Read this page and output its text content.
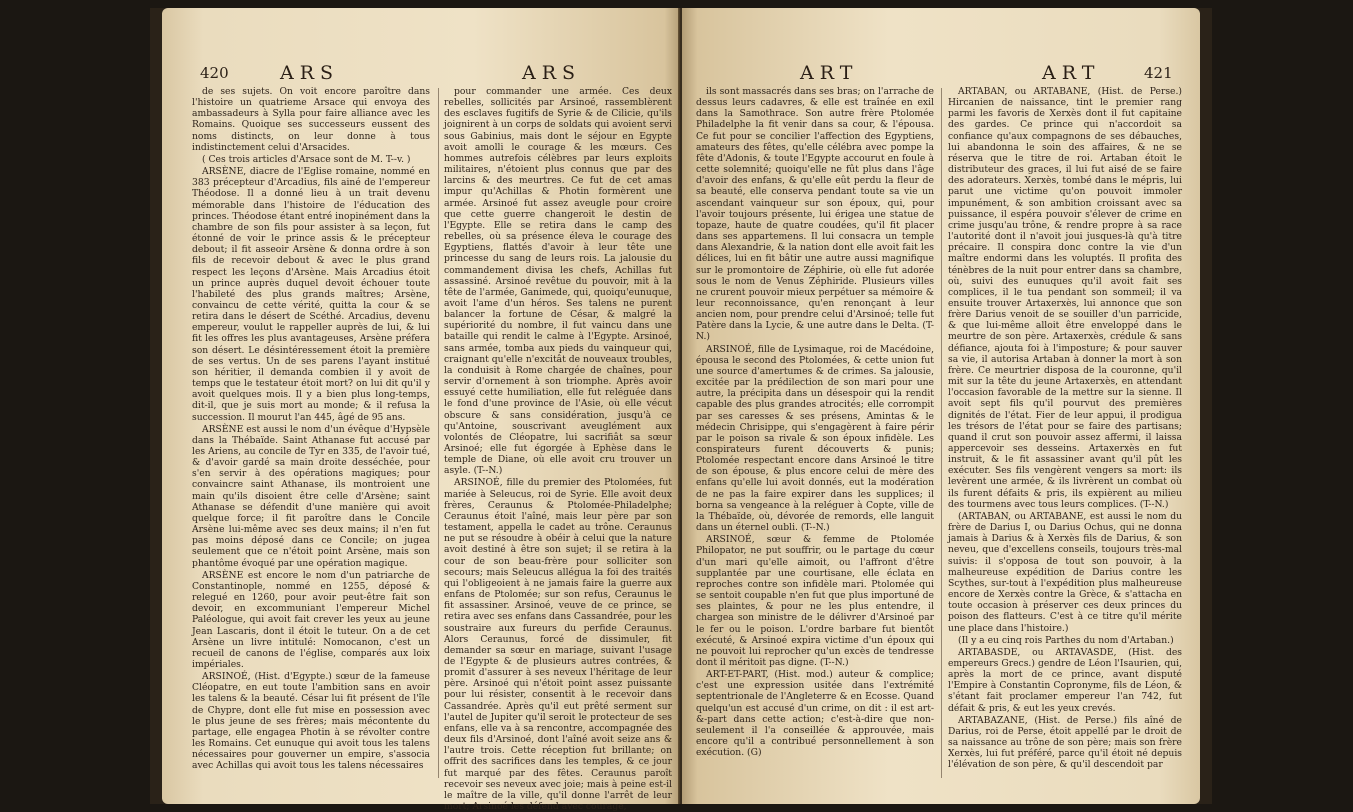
420	ARS	ARS

de ses sujets. On voit encore paroître dans l'histoire un quatrieme Arsace qui envoya des ambassadeurs à Sylla pour faire alliance avec les Romains. Quoique ses successeurs eussent des noms distincts, on leur donne à tous indistinctement celui d'Arsacides.

( Ces trois articles d'Arsace sont de M. T--v. )

ARSÈNE, diacre de l'Eglise romaine, nommé en 383 précepteur d'Arcadius, fils ainé de l'empereur Théodose. Il a donné lieu à un trait devenu mémorable dans l'histoire de l'éducation des princes. Théodose étant entré inopinément dans la chambre de son fils pour assister à sa leçon, fut étonné de voir le prince assis & le précepteur debout; il fit asseoir Arsène & donna ordre à son fils de recevoir debout & avec le plus grand respect les leçons d'Arsène. Mais Arcadius étoit un prince auprès duquel devoit échouer toute l'habileté des plus grands maîtres; Arsène, convaincu de cette vérité, quitta la cour & se retira dans le désert de Scéthé. Arcadius, devenu empereur, voulut le rappeller auprès de lui, & lui fit les offres les plus avantageuses, Arsène préfera son désert. Le désintéressement étoit la première de ses vertus. Un de ses parens l'ayant institué son héritier, il demanda combien il y avoit de temps que le testateur étoit mort? on lui dit qu'il y avoit quelques mois. Il y a bien plus long-temps, dit-il, que je suis mort au monde; & il refusa la succession. Il mourut l'an 445, âgé de 95 ans.

ARSÈNE est aussi le nom d'un évêque d'Hypsèle dans la Thébaïde. Saint Athanase fut accusé par les Ariens, au concile de Tyr en 335, de l'avoir tué, & d'avoir gardé sa main droite desséchée, pour s'en servir à des opérations magiques; pour convaincre saint Athanase, ils montroient une main qu'ils disoient être celle d'Arsène; saint Athanase se défendit d'une manière qui avoit quelque force; il fit paroître dans le Concile Arsène lui-même avec ses deux mains; il n'en fut pas moins déposé dans ce Concile; on jugea seulement que ce n'étoit point Arsène, mais son phantôme évoqué par une opération magique.

ARSÈNE est encore le nom d'un patriarche de Constantinople, nommé en 1255, déposé & relegué en 1260, pour avoir peut-être fait son devoir, en excommuniant l'empereur Michel Paléologue, qui avoit fait crever les yeux au jeune Jean Lascaris, dont il étoit le tuteur. On a de cet Arsène un livre intitulé: Nomocanon, c'est un recueil de canons de l'église, comparés aux loix impériales.

ARSINOÉ, (Hist. d'Egypte.) sœur de la fameuse Cléopatre, en eut toute l'ambition sans en avoir les talens & la beauté. César lui fit présent de l'île de Chypre, dont elle fut mise en possession avec le plus jeune de ses frères; mais mécontente du partage, elle engagea Photin à se révolter contre les Romains. Cet eunuque qui avoit tous les talens nécessaires pour gouverner un empire, s'associa avec Achillas qui avoit tous les talens nécessaires

pour commander une armée. Ces deux rebelles, sollicités par Arsinoé, rassemblèrent des esclaves fugitifs de Syrie & de Cilicie, qu'ils joignirent à un corps de soldats qui avoient servi sous Gabinius, mais dont le séjour en Egypte avoit amolli le courage & les mœurs. Ces hommes autrefois célèbres par leurs exploits militaires, n'étoient plus connus que par des larcins & des meurtres. Ce fut de cet amas impur qu'Achillas & Photin formèrent une armée. Arsinoé fut assez aveugle pour croire que cette guerre changeroit le destin de l'Egypte. Elle se retira dans le camp des rebelles, où sa présence éleva le courage des Egyptiens, flattés d'avoir à leur tête une princesse du sang de leurs rois. La jalousie du commandement divisa les chefs, Achillas fut assassiné. Arsinoé revêtue du pouvoir, mit à la tête de l'armée, Ganimede, qui, quoiqu'eunuque, avoit l'ame d'un héros. Ses talens ne purent balancer la fortune de César, & malgré la supériorité du nombre, il fut vaincu dans une bataille qui rendit le calme à l'Egypte. Arsinoé, sans armée, tomba aux pieds du vainqueur qui, craignant qu'elle n'excitât de nouveaux troubles, la conduisit à Rome chargée de chaînes, pour servir d'ornement à son triomphe. Après avoir essuyé cette humiliation, elle fut reléguée dans le fond d'une province de l'Asie, où elle vécut obscure & sans considération, jusqu'à ce qu'Antoine, souscrivant aveuglément aux volontés de Cléopatre, lui sacrifiât sa sœur Arsinoé; elle fut égorgée à Ephèse dans le temple de Diane, où elle avoit cru trouver un asyle. (T--N.)

ARSINOÉ, fille du premier des Ptolomées, fut mariée à Seleucus, roi de Syrie. Elle avoit deux frères, Ceraunus & Ptolomée-Philadelphe; Ceraunus étoit l'aîné, mais leur père par son testament, appella le cadet au trône. Ceraunus ne put se résoudre à obéir à celui que la nature avoit destiné à être son sujet; il se retira à la cour de son beau-frère pour solliciter son secours; mais Seleucus allégua la foi des traités qui l'obligeoient à ne jamais faire la guerre aux enfans de Ptolomée; sur son refus, Ceraunus le fit assassiner. Arsinoé, veuve de ce prince, se retira avec ses enfans dans Cassandrée, pour les soustraire aux fureurs du perfide Ceraunus. Alors Ceraunus, forcé de dissimuler, fit demander sa sœur en mariage, suivant l'usage de l'Egypte & de plusieurs autres contrées, & promit d'assurer à ses neveux l'héritage de leur père. Arsinoé qui n'étoit point assez puissante pour lui résister, consentit à le recevoir dans Cassandrée. Après qu'il eut prêté serment sur l'autel de Jupiter qu'il seroit le protecteur de ses enfans, elle va à sa rencontre, accompagnée des deux fils d'Arsinoé, dont l'aîné avoit seize ans & l'autre trois. Cette réception fut brillante; on offrit des sacrifices dans les temples, & ce jour fut marqué par des fêtes. Ceraunus paroît recevoir ses neveux avec joie; mais à peine est-il le maître de la ville, qu'il donne l'arrêt de leur mort; Arsinoé les défend avec courage,

ART	ART	421

ils sont massacrés dans ses bras; on l'arrache de dessus leurs cadavres, & elle est traînée en exil dans la Samothrace. Son autre frère Ptolomée Philadelphe la fit venir dans sa cour, & l'épousa. Ce fut pour se concilier l'affection des Egyptiens, amateurs des fêtes, qu'elle célébra avec pompe la fête d'Adonis, & toute l'Egypte accourut en foule à cette solemnité; quoiqu'elle ne fût plus dans l'âge d'avoir des enfans, & qu'elle eût perdu la fleur de sa beauté, elle conserva pendant toute sa vie un ascendant vainqueur sur son époux, qui, pour l'avoir toujours présente, lui érigea une statue de topaze, haute de quatre coudées, qu'il fit placer dans ses appartemens. Il lui consacra un temple dans Alexandrie, & la nation dont elle avoit fait les délices, lui en fit bâtir une autre aussi magnifique sur le promontoire de Zéphirie, où elle fut adorée sous le nom de Venus Zéphiride. Plusieurs villes ne crurent pouvoir mieux perpétuer sa mémoire & leur reconnoissance, qu'en renonçant à leur ancien nom, pour prendre celui d'Arsinoé; telle fut Patère dans la Lycie, & une autre dans le Delta. (T-N.)

ARSINOÉ, fille de Lysimaque, roi de Macédoine, épousa le second des Ptolomées, & cette union fut une source d'amertumes & de crimes. Sa jalousie, excitée par la prédilection de son mari pour une autre, la précipita dans un désespoir qui la rendit capable des plus grandes atrocités; elle corrompit par ses caresses & ses présens, Amintas & le médecin Chrisippe, qui s'engagèrent à faire périr par le poison sa rivale & son époux infidèle. Les conspirateurs furent découverts & punis; Ptolomée respectant encore dans Arsinoé le titre de son épouse, & plus encore celui de mère des enfans qu'elle lui avoit donnés, eut la modération de ne pas la faire expirer dans les supplices; il borna sa vengeance à la reléguer à Copte, ville de la Thébaïde, où, dévorée de remords, elle languit dans un éternel oubli. (T--N.)

ARSINOÉ, sœur & femme de Ptolomée Philopator, ne put souffrir, ou le partage du cœur d'un mari qu'elle aimoit, ou l'affront d'être supplantée par une courtisane, elle éclata en reproches contre son infidèle mari. Ptolomée qui se sentoit coupable n'en fut que plus importuné de ses plaintes, & pour ne les plus entendre, il chargea son ministre de le délivrer d'Arsinoé par le fer ou le poison. L'ordre barbare fut bientôt exécuté, & Arsinoé expira victime d'un époux qui ne pouvoit lui reprocher qu'un excès de tendresse dont il méritoit pas digne. (T--N.)

ART-ET-PART, (Hist. mod.) auteur & complice; c'est une expression usitée dans l'extrémité septentrionale de l'Angleterre & en Ecosse. Quand quelqu'un est accusé d'un crime, on dit : il est art-&-part dans cette action; c'est-à-dire que non-seulement il l'a conseillée & approuvée, mais encore qu'il a contribué personnellement à son exécution. (G)

ARTABAN, ou ARTABANE, (Hist. de Perse.) Hircanien de naissance, tint le premier rang parmi les favoris de Xerxès dont il fut capitaine des gardes. Ce prince qui n'accordoit sa confiance qu'aux compagnons de ses débauches, lui abandonna le soin des affaires, & ne se réserva que le titre de roi. Artaban étoit le distributeur des graces, il lui fut aisé de se faire des adorateurs. Xerxès, tombé dans le mépris, lui parut une victime qu'on pouvoit immoler impunément, & son ambition croissant avec sa puissance, il espéra pouvoir s'élever de crime en crime jusqu'au trône, & rendre propre à sa race l'autorité dont il n'avoit joui jusques-là qu'à titre précaire. Il conspira donc contre la vie d'un maître endormi dans les voluptés. Il profita des ténèbres de la nuit pour entrer dans sa chambre, où, suivi des eunuques qu'il avoit fait ses complices, il le tua pendant son sommeil; il va ensuite trouver Artaxerxès, lui annonce que son frère Darius venoit de se souiller d'un parricide, & que lui-même alloit être enveloppé dans le meurtre de son père. Artaxerxès, crédule & sans défiance, ajouta foi à l'imposture; & pour sauver sa vie, il autorisa Artaban à donner la mort à son frère. Ce meurtrier disposa de la couronne, qu'il mit sur la tête du jeune Artaxerxès, en attendant l'occasion favorable de la mettre sur la sienne. Il avoit sept fils qu'il pourvut des premières dignités de l'état. Fier de leur appui, il prodigua les trésors de l'état pour se faire des partisans; quand il crut son pouvoir assez affermi, il laissa appercevoir ses desseins. Artaxerxès en fut instruit, & le fit assassiner avant qu'il pût les exécuter. Ses fils vengèrent vengers sa mort: ils levèrent une armée, & ils livrèrent un combat où ils furent défaits & pris, ils expièrent au milieu des tourmens avec tous leurs complices. (T--N.)

(ARTABAN, ou ARTABANE, est aussi le nom du frère de Darius I, ou Darius Ochus, qui ne donna jamais à Darius & à Xerxès fils de Darius, & son neveu, que d'excellens conseils, toujours très-mal suivis: il s'opposa de tout son pouvoir, à la malheureuse expédition de Darius contre les Scythes, sur-tout à l'expédition plus malheureuse encore de Xerxès contre la Grèce, & s'attacha en toute occasion à préserver ces deux princes du poison des flatteurs. C'est à ce titre qu'il mérite une place dans l'histoire.)

(Il y a eu cinq rois Parthes du nom d'Artaban.)

ARTABASDE, ou ARTAVASDE, (Hist. des empereurs Grecs.) gendre de Léon l'Isaurien, qui, après la mort de ce prince, avant disputé l'Empire à Constantin Copronyme, fils de Léon, & s'étant fait proclamer empereur l'an 742, fut défait & pris, & eut les yeux crevés.

ARTABAZANE, (Hist. de Perse.) fils aîné de Darius, roi de Perse, étoit appellé par le droit de sa naissance au trône de son père; mais son frère Xerxès, lui fut préféré, parce qu'il étoit né depuis l'élévation de son père, & qu'il descendoit par
